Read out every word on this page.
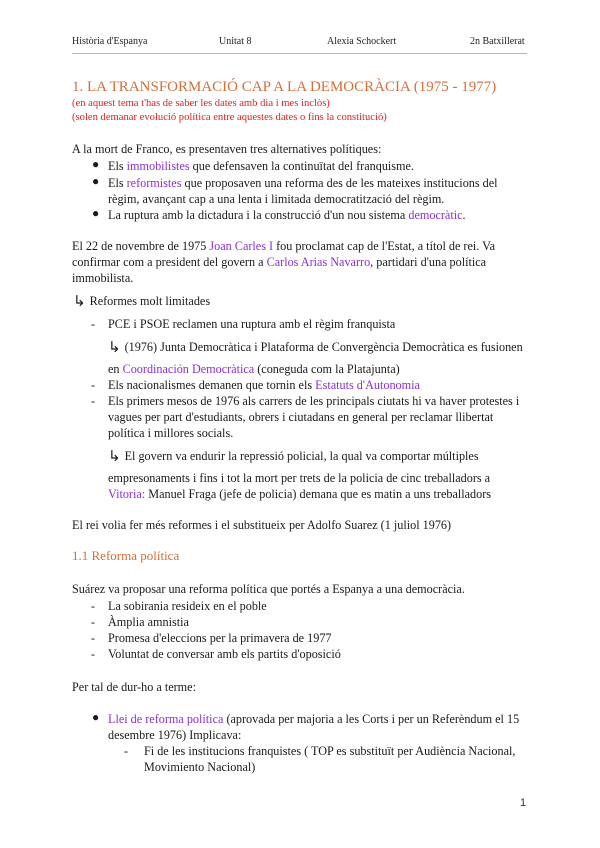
Història d'Espanya	Unitat 8	Alexia Schockert	2n Batxillerat
1. LA TRANSFORMACIÓ CAP A LA DEMOCRÀCIA (1975 - 1977)
(en aquest tema t'has de saber les dates amb dia i mes inclòs)
(solen demanar evolució política entre aquestes dates o fins la constitució)
A la mort de Franco, es presentaven tres alternatives polítiques:
● Els immobilistes que defensaven la continuïtat del franquisme.
● Els reformistes que proposaven una reforma des de les mateixes institucions del
règim, avançant cap a una lenta i limitada democratització del règim.
● La ruptura amb la dictadura i la construcció d'un nou sistema democràtic.
El 22 de novembre de 1975 Joan Carles I fou proclamat cap de l'Estat, a títol de rei. Va
confirmar com a president del govern a Carlos Arias Navarro, partidari d'una política
immobilista.
↳ Reformes molt limitades
- PCE i PSOE reclamen una ruptura amb el règim franquista
↳ (1976) Junta Democràtica i Plataforma de Convergència Democràtica es fusionen
en Coordinación Democràtica (coneguda com la Platajunta)
- Els nacionalismes demanen que tornin els Estatuts d'Autonomia
- Els primers mesos de 1976 als carrers de les principals ciutats hi va haver protestes i
vagues per part d'estudiants, obrers i ciutadans en general per reclamar llibertat
política i millores socials.
↳ El govern va endurir la repressió policial, la qual va comportar múltiples
empresonaments i fins i tot la mort per trets de la policia de cinc treballadors a
Vitoria: Manuel Fraga (jefe de policia) demana que es matin a uns treballadors
El rei volia fer més reformes i el substitueix per Adolfo Suarez (1 juliol 1976)
1.1 Reforma política
Suárez va proposar una reforma política que portés a Espanya a una democràcia.
- La sobirania resideix en el poble
- Àmplia amnistia
- Promesa d'eleccions per la primavera de 1977
- Voluntat de conversar amb els partits d'oposició
Per tal de dur-ho a terme:
● Llei de reforma política (aprovada per majoria a les Corts i per un Referèndum el 15
desembre 1976) Implicava:
- Fi de les institucions franquistes ( TOP es substituït per Audiència Nacional,
Movimiento Nacional)
1
